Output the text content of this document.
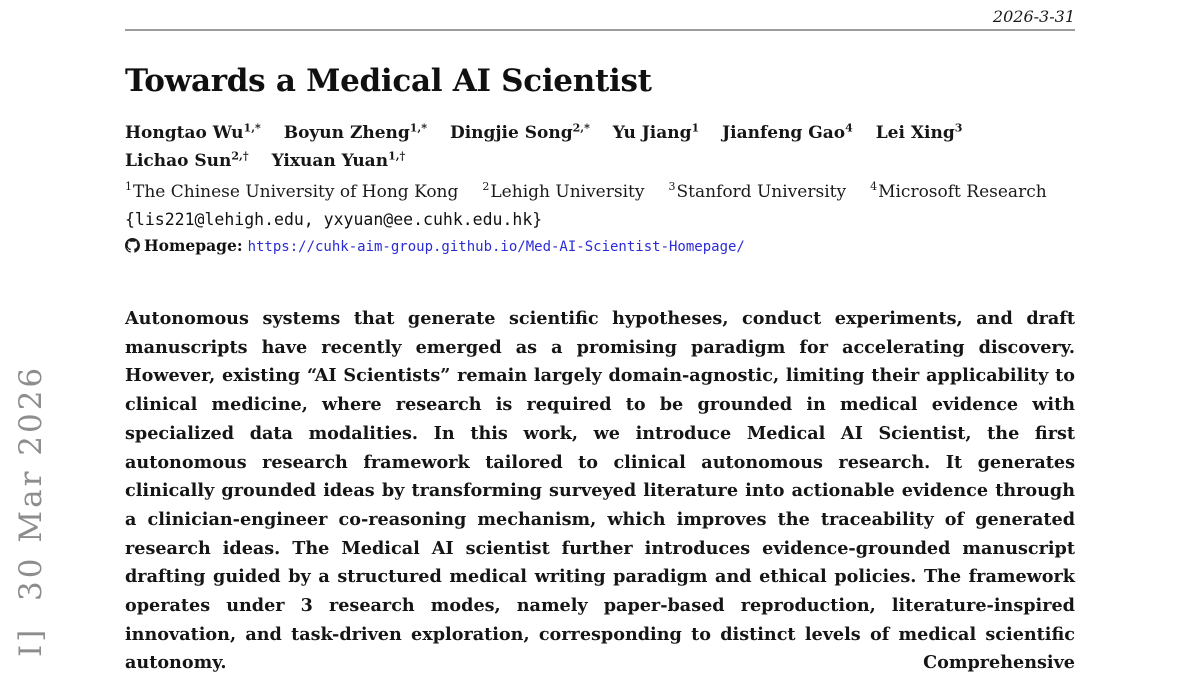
2026-3-31
Towards a Medical AI Scientist
Hongtao $Wu^{1,*}$ Boyun Zheng$^{1,*}$ Dingjie Song$^{2,*}$ Yu Jiang$^1$ Jianfeng Gao$^4$ Lei Xing$^3$ Lichao Sun$^{2,\dagger}$ Yixuan Yuan$^{1,\dagger}$
$^1$The Chinese University of Hong Kong $^2$Lehigh University $^3$Stanford University $^4$Microsoft Research
{lis221@lehigh.edu, yxyuan@ee.cuhk.edu.hk}
Homepage: https://cuhk-aim-group.github.io/Med-AI-Scientist-Homepage/
Autonomous systems that generate scientific hypotheses, conduct experiments, and draft manuscripts have recently emerged as a promising paradigm for accelerating discovery. However, existing “AI Scientists” remain largely domain-agnostic, limiting their applicability to clinical medicine, where research is required to be grounded in medical evidence with specialized data modalities. In this work, we introduce Medical AI Scientist, the first autonomous research framework tailored to clinical autonomous research. It generates clinically grounded ideas by transforming surveyed literature into actionable evidence through a clinician-engineer co-reasoning mechanism, which improves the traceability of generated research ideas. The Medical AI scientist further introduces evidence-grounded manuscript drafting guided by a structured medical writing paradigm and ethical policies. The framework operates under 3 research modes, namely paper-based reproduction, literature-inspired innovation, and task-driven exploration, corresponding to distinct levels of medical scientific autonomy. Comprehensive
I]  30 Mar 2026
